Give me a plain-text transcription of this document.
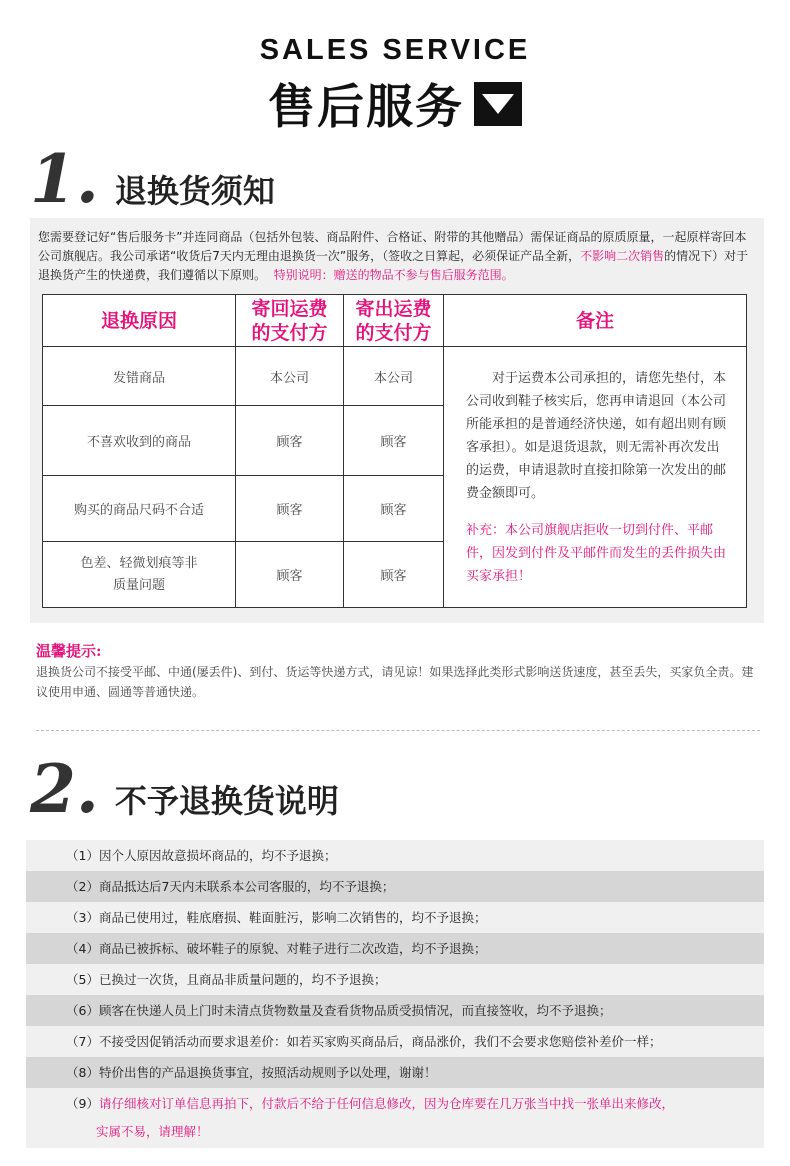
SALES SERVICE
售后服务
1. 退换货须知
您需要登记好“售后服务卡”并连同商品（包括外包装、商品附件、合格证、附带的其他赠品）需保证商品的原质原量，一起原样寄回本公司旗舰店。我公司承诺“收货后7天内无理由退换货一次”服务，（签收之日算起，必须保证产品全新，不影响二次销售的情况下）对于退换货产生的快递费，我们遵循以下原则。 特别说明：赠送的物品不参与售后服务范围。
退换原因	寄回运费的支付方	寄出运费的支付方	备注
发错商品	本公司	本公司	对于运费本公司承担的，请您先垫付，本公司收到鞋子核实后，您再申请退回（本公司所能承担的是普通经济快递，如有超出则有顾客承担）。如是退货退款，则无需补再次发出的运费，申请退款时直接扣除第一次发出的邮费金额即可。
补充：本公司旗舰店拒收一切到付件、平邮件，因发到付件及平邮件而发生的丢件损失由买家承担！

不喜欢收到的商品	顾客	顾客	
购买的商品尺码不合适	顾客	顾客	
色差、轻微划痕等非质量问题	顾客	顾客	
温馨提示:
退换货公司不接受平邮、中通(屡丢件)、到付、货运等快递方式，请见谅！如果选择此类形式影响送货速度，甚至丢失，买家负全责。建议使用申通、圆通等普通快递。
2. 不予退换货说明
（1）因个人原因故意损坏商品的，均不予退换；
（2）商品抵达后7天内未联系本公司客服的，均不予退换；
（3）商品已使用过，鞋底磨损、鞋面脏污，影响二次销售的，均不予退换；
（4）商品已被拆标、破坏鞋子的原貌、对鞋子进行二次改造，均不予退换；
（5）已换过一次货，且商品非质量问题的，均不予退换；
（6）顾客在快递人员上门时未清点货物数量及查看货物品质受损情况，而直接签收，均不予退换；
（7）不接受因促销活动而要求退差价：如若买家购买商品后，商品涨价，我们不会要求您赔偿补差价一样；
（8）特价出售的产品退换货事宜，按照活动规则予以处理，谢谢！
（9）请仔细核对订单信息再拍下，付款后不给于任何信息修改，因为仓库要在几万张当中找一张单出来修改，
实属不易，请理解！
